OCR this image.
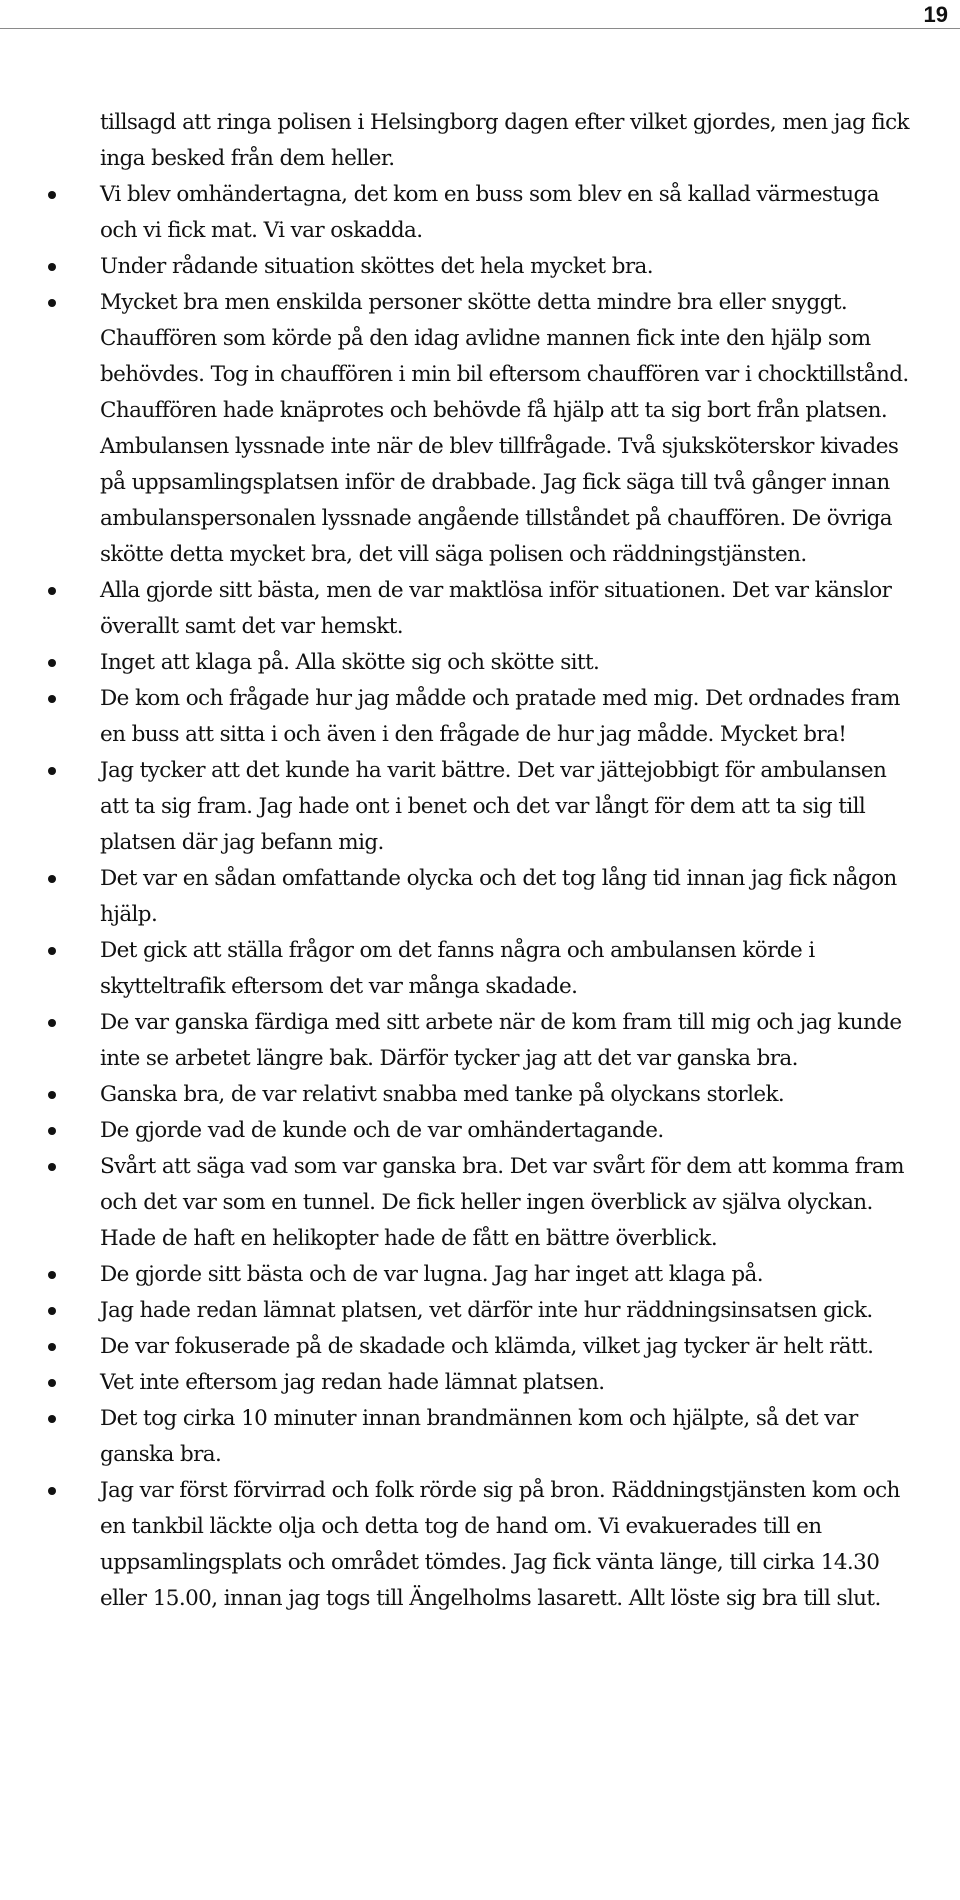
19

tillsagd att ringa polisen i Helsingborg dagen efter vilket gjordes, men jag fick inga besked från dem heller.

Vi blev omhändertagna, det kom en buss som blev en så kallad värmestuga och vi fick mat. Vi var oskadda.
Under rådande situation sköttes det hela mycket bra.
Mycket bra men enskilda personer skötte detta mindre bra eller snyggt. Chauffören som körde på den idag avlidne mannen fick inte den hjälp som behövdes. Tog in chauffören i min bil eftersom chauffören var i chocktillstånd. Chauffören hade knäprotes och behövde få hjälp att ta sig bort från platsen. Ambulansen lyssnade inte när de blev tillfrågade. Två sjuksköterskor kivades på uppsamlingsplatsen inför de drabbade. Jag fick säga till två gånger innan ambulanspersonalen lyssnade angående tillståndet på chauffören. De övriga skötte detta mycket bra, det vill säga polisen och räddningstjänsten.
Alla gjorde sitt bästa, men de var maktlösa inför situationen. Det var känslor överallt samt det var hemskt.
Inget att klaga på. Alla skötte sig och skötte sitt.
De kom och frågade hur jag mådde och pratade med mig. Det ordnades fram en buss att sitta i och även i den frågade de hur jag mådde. Mycket bra!
Jag tycker att det kunde ha varit bättre. Det var jättejobbigt för ambulansen att ta sig fram. Jag hade ont i benet och det var långt för dem att ta sig till platsen där jag befann mig.
Det var en sådan omfattande olycka och det tog lång tid innan jag fick någon hjälp.
Det gick att ställa frågor om det fanns några och ambulansen körde i skytteltrafik eftersom det var många skadade.
De var ganska färdiga med sitt arbete när de kom fram till mig och jag kunde inte se arbetet längre bak. Därför tycker jag att det var ganska bra.
Ganska bra, de var relativt snabba med tanke på olyckans storlek.
De gjorde vad de kunde och de var omhändertagande.
Svårt att säga vad som var ganska bra. Det var svårt för dem att komma fram och det var som en tunnel. De fick heller ingen överblick av själva olyckan. Hade de haft en helikopter hade de fått en bättre överblick.
De gjorde sitt bästa och de var lugna. Jag har inget att klaga på.
Jag hade redan lämnat platsen, vet därför inte hur räddningsinsatsen gick.
De var fokuserade på de skadade och klämda, vilket jag tycker är helt rätt.
Vet inte eftersom jag redan hade lämnat platsen.
Det tog cirka 10 minuter innan brandmännen kom och hjälpte, så det var ganska bra.
Jag var först förvirrad och folk rörde sig på bron. Räddningstjänsten kom och en tankbil läckte olja och detta tog de hand om. Vi evakuerades till en uppsamlingsplats och området tömdes. Jag fick vänta länge, till cirka 14.30 eller 15.00, innan jag togs till Ängelholms lasarett. Allt löste sig bra till slut.
